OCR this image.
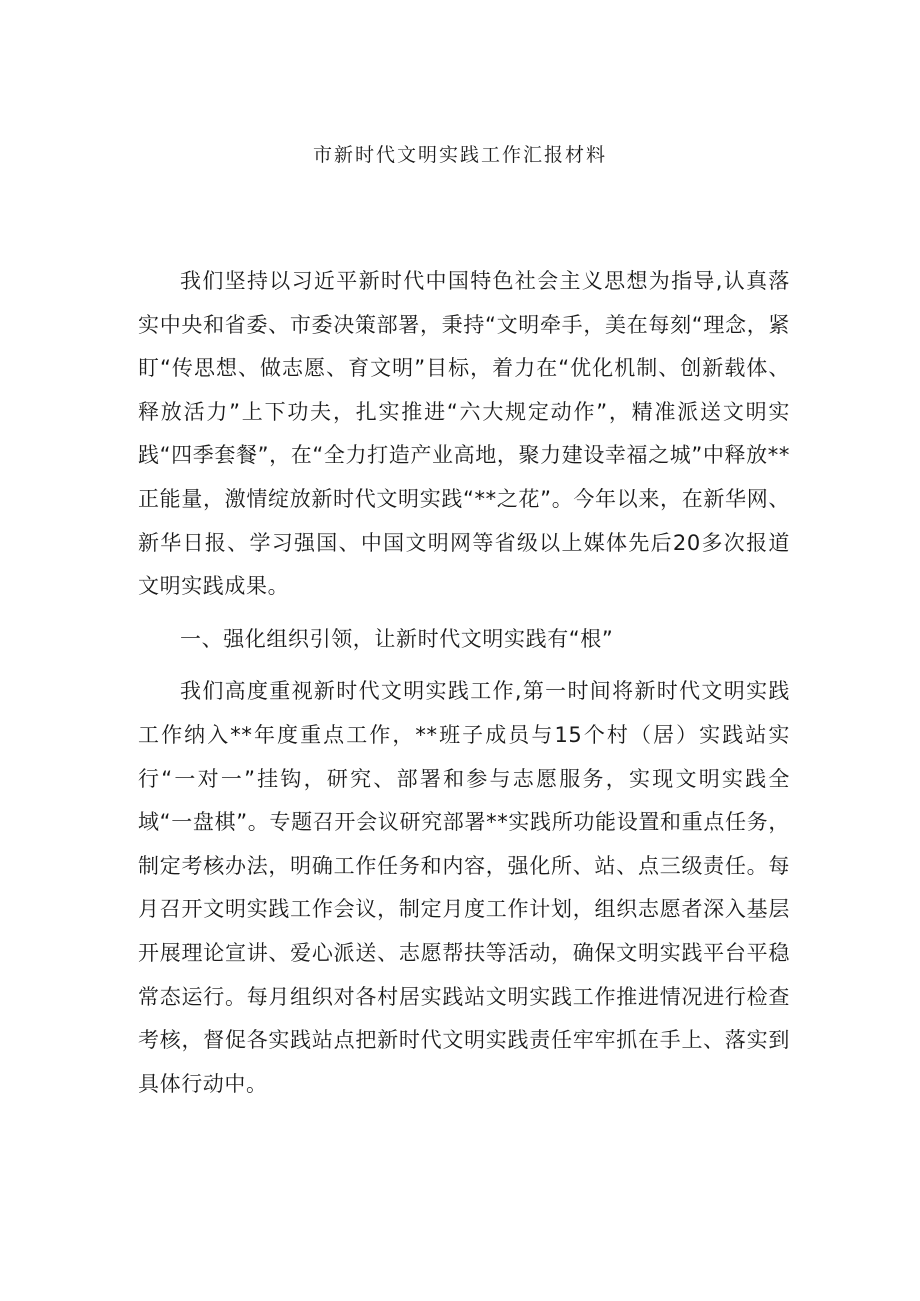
市新时代文明实践工作汇报材料

我们坚持以习近平新时代中国特色社会主义思想为指导,认真落实中央和省委、市委决策部署，秉持“文明牵手，美在每刻“理念，紧盯“传思想、做志愿、育文明”目标，着力在“优化机制、创新载体、释放活力”上下功夫，扎实推进“六大规定动作”，精准派送文明实践“四季套餐”，在“全力打造产业高地，聚力建设幸福之城”中释放**正能量，激情绽放新时代文明实践“**之花”。今年以来，在新华网、新华日报、学习强国、中国文明网等省级以上媒体先后20多次报道文明实践成果。

一、强化组织引领，让新时代文明实践有“根”

我们高度重视新时代文明实践工作,第一时间将新时代文明实践工作纳入**年度重点工作，**班子成员与15个村（居）实践站实行“一对一”挂钩，研究、部署和参与志愿服务，实现文明实践全域“一盘棋”。专题召开会议研究部署**实践所功能设置和重点任务，制定考核办法，明确工作任务和内容，强化所、站、点三级责任。每月召开文明实践工作会议，制定月度工作计划，组织志愿者深入基层开展理论宣讲、爱心派送、志愿帮扶等活动，确保文明实践平台平稳常态运行。每月组织对各村居实践站文明实践工作推进情况进行检查考核，督促各实践站点把新时代文明实践责任牢牢抓在手上、落实到具体行动中。
